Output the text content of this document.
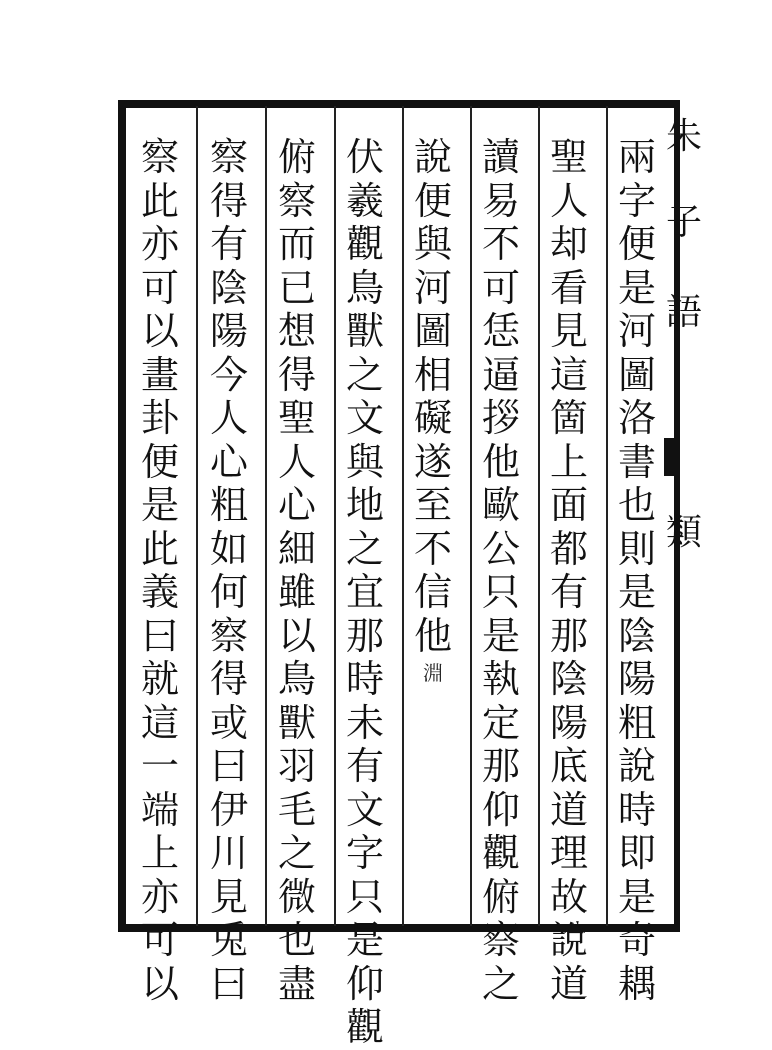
兩
字
便
是
河
圖
洛
書
也
則
是
陰
陽
粗
說
時
即
是
奇
耦
聖
人
却
看
見
這
箇
上
面
都
有
那
陰
陽
底
道
理
故
說
道
讀
易
不
可
恁
逼
拶
他
歐
公
只
是
執
定
那
仰
觀
俯
察
之
說
便
與
河
圖
相
礙
遂
至
不
信
他
淵
伏
羲
觀
鳥
獸
之
文
與
地
之
宜
那
時
未
有
文
字
只
是
仰
觀
俯
察
而
已
想
得
聖
人
心
細
雖
以
鳥
獸
羽
毛
之
微
也
盡
察
得
有
陰
陽
今
人
心
粗
如
何
察
得
或
曰
伊
川
見
兎
曰
察
此
亦
可
以
畫
卦
便
是
此
義
曰
就
這
一
端
上
亦
可
以
朱
子
語
類
